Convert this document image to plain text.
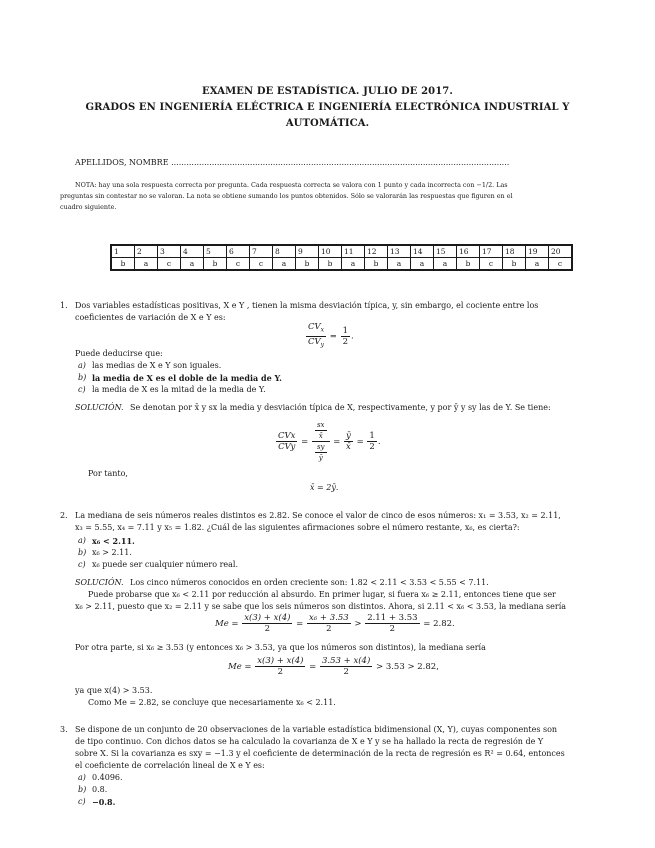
EXAMEN DE ESTADÍSTICA. JULIO DE 2017.
GRADOS EN INGENIERÍA ELÉCTRICA E INGENIERÍA ELECTRÓNICA INDUSTRIAL Y
AUTOMÁTICA.
APELLIDOS, NOMBRE .....................................................................................................................................
NOTA: hay una sola respuesta correcta por pregunta. Cada respuesta correcta se valora con 1 punto y cada incorrecta con −1/2. Las
preguntas sin contestar no se valoran. La nota se obtiene sumando los puntos obtenidos. Sólo se valorarán las respuestas que figuren en el
cuadro siguiente.
1	2	3	4	5	6	7	8	9	10	11	12	13	14	15	16	17	18	19	20
b	a	c	a	b	c	c	a	b	b	a	b	a	a	a	b	c	b	a	c
1. Dos variables estadísticas positivas, X e Y , tienen la misma desviación típica, y, sin embargo, el cociente entre los
coeficientes de variación de X e Y es:
$\frac{CV_x}{CV_y} = \frac{1}{2}$ .
Puede deducirse que:
a) las medias de X e Y son iguales.
b) la media de X es el doble de la media de Y.
c) la media de X es la mitad de la media de Y.
SOLUCIÓN. Se denotan por x̄ y sx la media y desviación típica de X, respectivamente, y por ȳ y sy las de Y. Se tiene:
$\frac{\text{CVx}}{\text{CVy}} = \frac{\frac{sx}{x̄}}{\frac{sy}{ȳ}} = \frac{ȳ}{x̄} = \frac{1}{2}$ .
Por tanto,
x̄ = 2ȳ.
2. La mediana de seis números reales distintos es 2.82. Se conoce el valor de cinco de esos números: x₁ = 3.53, x₂ = 2.11,
x₃ = 5.55, x₄ = 7.11 y x₅ = 1.82. ¿Cuál de las siguientes afirmaciones sobre el número restante, x₆, es cierta?:
a) x₆ < 2.11.
b) x₆ > 2.11.
c) x₆ puede ser cualquier número real.
SOLUCIÓN. Los cinco números conocidos en orden creciente son: 1.82 < 2.11 < 3.53 < 5.55 < 7.11.
Puede probarse que x₆ < 2.11 por reducción al absurdo. En primer lugar, si fuera x₆ ≥ 2.11, entonces tiene que ser
x₆ > 2.11, puesto que x₂ = 2.11 y se sabe que los seis números son distintos. Ahora, si 2.11 < x₆ < 3.53, la mediana sería
$Me = \frac{x(3) + x(4)}{2} = \frac{\text{x₆ + 3.53}}{2} > \frac{2.11 + 3.53}{2} = 2.82$.
Por otra parte, si x₆ ≥ 3.53 (y entonces x₆ > 3.53, ya que los números son distintos), la mediana sería
$Me = \frac{x(3) + x(4)}{2} = \frac{3.53 + x(4)}{2} > 3.53 > 2.82$,
ya que x(4) > 3.53.
Como Me = 2.82, se concluye que necesariamente x₆ < 2.11.
3. Se dispone de un conjunto de 20 observaciones de la variable estadística bidimensional (X, Y), cuyas componentes son
de tipo continuo. Con dichos datos se ha calculado la covarianza de X e Y y se ha hallado la recta de regresión de Y
sobre X. Si la covarianza es sxy = −1.3 y el coeficiente de determinación de la recta de regresión es R² = 0.64, entonces
el coeficiente de correlación lineal de X e Y es:
a) 0.4096.
b) 0.8.
c) −0.8.
